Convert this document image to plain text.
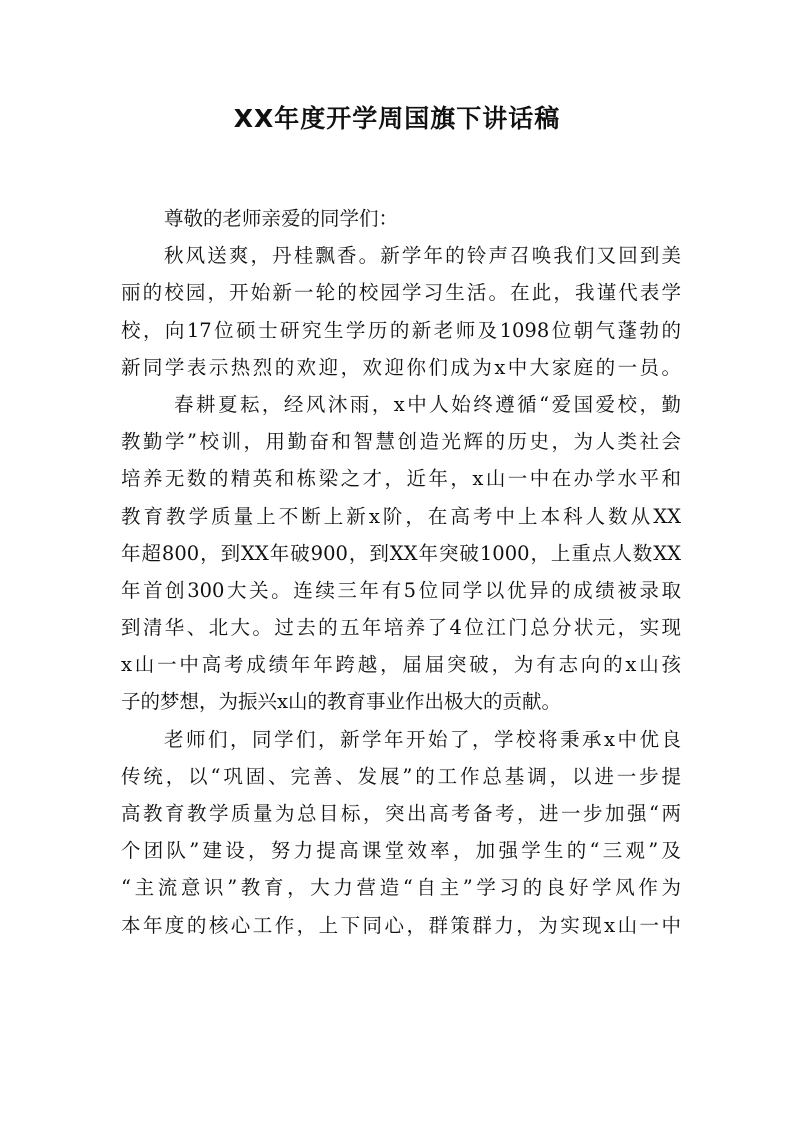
XX年度开学周国旗下讲话稿
尊敬的老师亲爱的同学们：
秋风送爽，丹桂飘香。新学年的铃声召唤我们又回到美
丽的校园，开始新一轮的校园学习生活。在此，我谨代表学
校，向17位硕士研究生学历的新老师及1098位朝气蓬勃的
新同学表示热烈的欢迎，欢迎你们成为x中大家庭的一员。
春耕夏耘，经风沐雨，x中人始终遵循“爱国爱校，勤
教勤学”校训，用勤奋和智慧创造光辉的历史，为人类社会
培养无数的精英和栋梁之才，近年，x山一中在办学水平和
教育教学质量上不断上新x阶，在高考中上本科人数从XX
年超800，到XX年破900，到XX年突破1000，上重点人数XX
年首创300大关。连续三年有5位同学以优异的成绩被录取
到清华、北大。过去的五年培养了4位江门总分状元，实现
x山一中高考成绩年年跨越，届届突破，为有志向的x山孩
子的梦想，为振兴x山的教育事业作出极大的贡献。
老师们，同学们，新学年开始了，学校将秉承x中优良
传统，以“巩固、完善、发展”的工作总基调，以进一步提
高教育教学质量为总目标，突出高考备考，进一步加强“两
个团队”建设，努力提高课堂效率，加强学生的“三观”及
“主流意识”教育，大力营造“自主”学习的良好学风作为
本年度的核心工作，上下同心，群策群力，为实现x山一中
